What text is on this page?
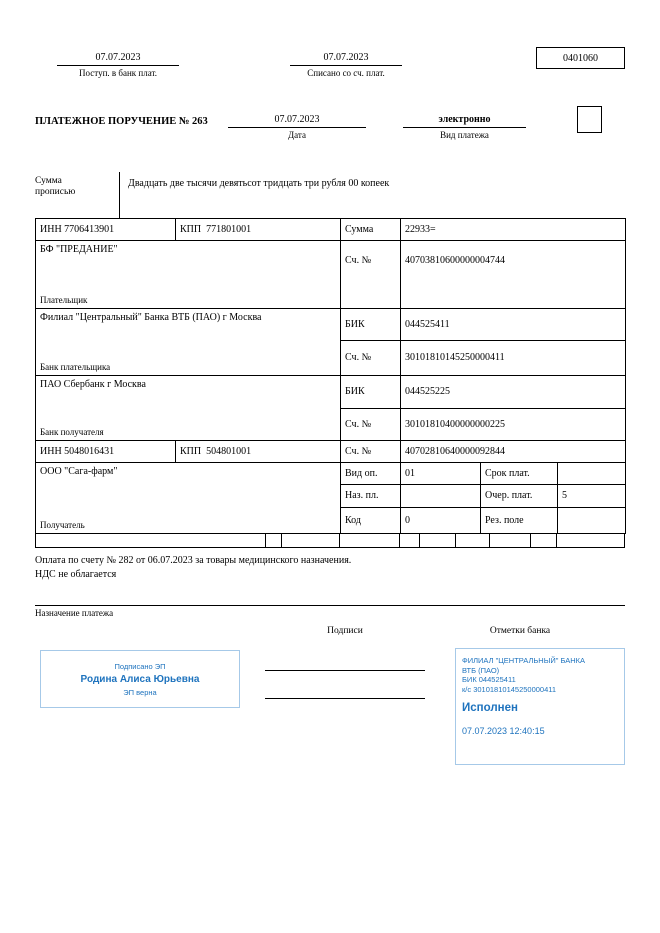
07.07.2023
Поступ. в банк плат.
07.07.2023
Списано со сч. плат.
0401060
ПЛАТЕЖНОЕ ПОРУЧЕНИЕ № 263	07.07.2023
Дата
электронно
Вид платежа
Сумма прописью
Двадцать две тысячи девятьсот тридцать три рубля 00 копеек
ИНН 7706413901	КПП  771801001	Сумма	22933=
БФ "ПРЕДАНИЕ"
Плательщик
Сч. №	40703810600000004744
Филиал "Центральный" Банка ВТБ (ПАО) г Москва
Банк плательщика
БИК	044525411
Сч. №	30101810145250000411
ПАО Сбербанк г Москва
Банк получателя
БИК	044525225
Сч. №	30101810400000000225
ИНН 5048016431	КПП  504801001	Сч. №	40702810640000092844
ООО "Сага-фарм"
Получатель
Вид оп.	01	Срок плат.
Наз. пл.	Очер. плат.	5
Код	0	Рез. поле
Оплата по счету № 282 от 06.07.2023 за товары медицинского назначения.
НДС не облагается
Назначение платежа
Подписи	Отметки банка
Подписано ЭП
Родина Алиса Юрьевна
ЭП верна
ФИЛИАЛ "ЦЕНТРАЛЬНЫЙ" БАНКА
ВТБ (ПАО)
БИК 044525411
к/с 30101810145250000411
Исполнен
07.07.2023 12:40:15
